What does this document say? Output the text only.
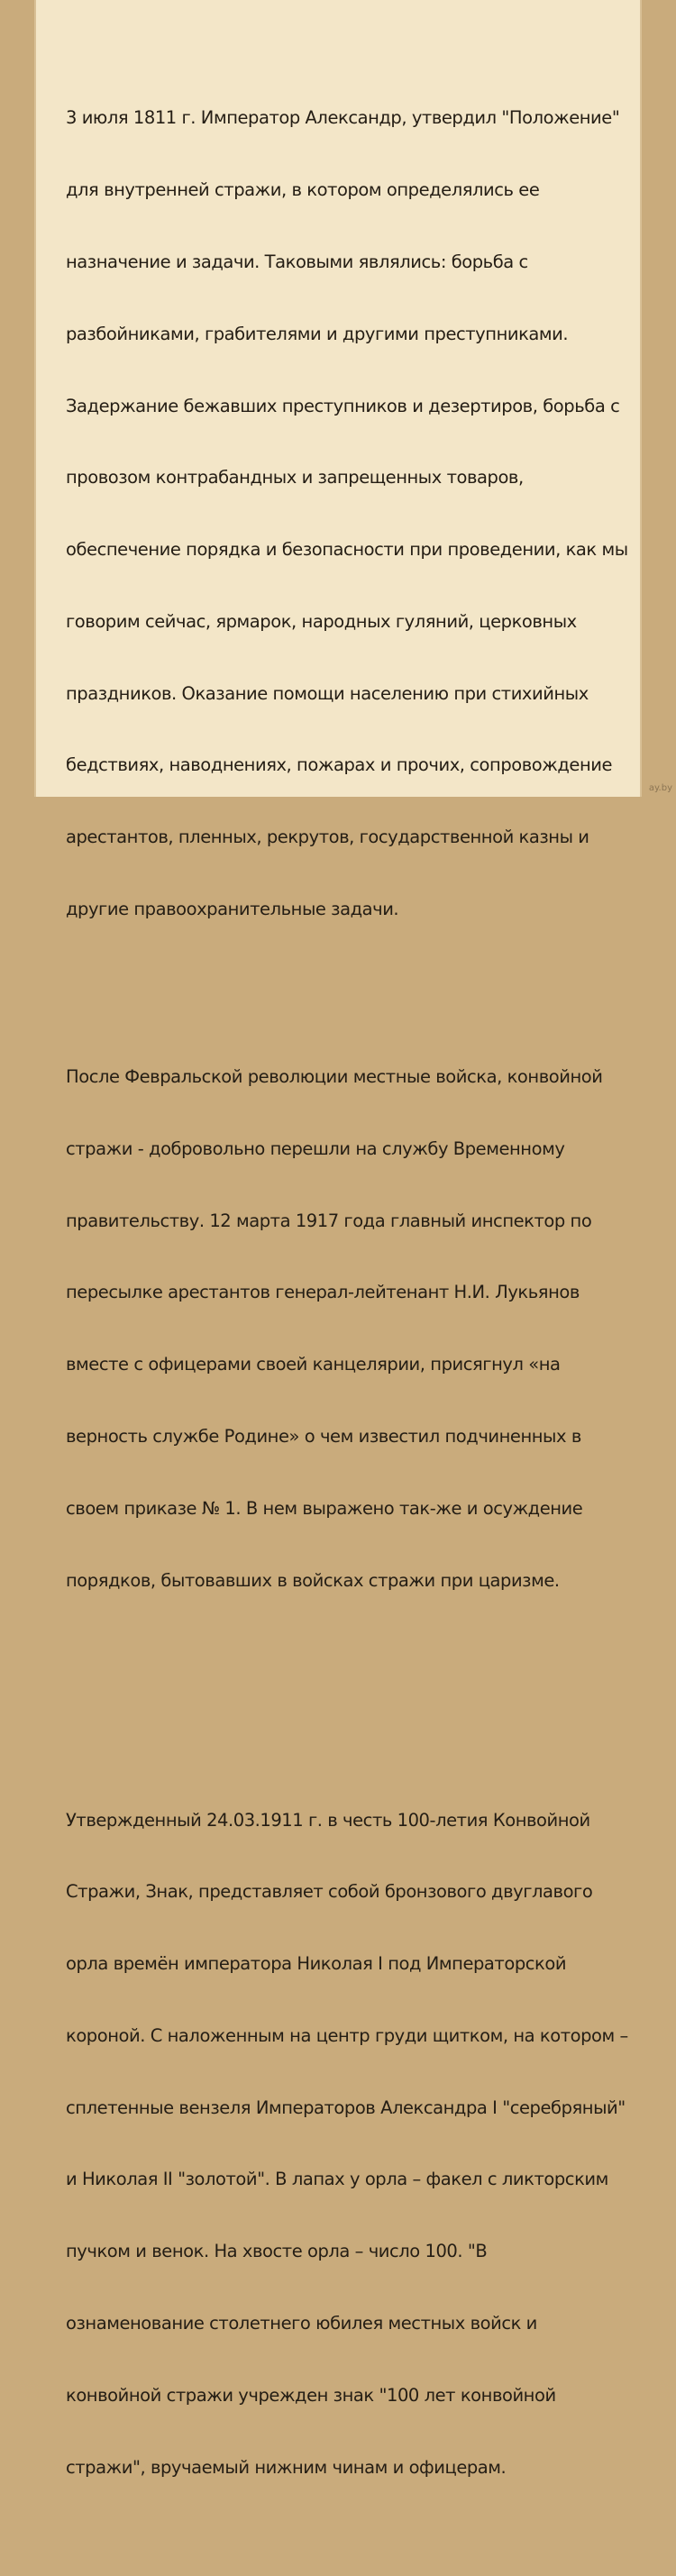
3 июля 1811 г. Император Александр, утвердил "Положение"

для внутренней стражи, в котором определялись ее

назначение и задачи. Таковыми являлись: борьба с

разбойниками, грабителями и другими преступниками.

Задержание бежавших преступников и дезертиров, борьба с

провозом контрабандных и запрещенных товаров,

обеспечение порядка и безопасности при проведении, как мы

говорим сейчас, ярмарок, народных гуляний, церковных

праздников. Оказание помощи населению при стихийных

бедствиях, наводнениях, пожарах и прочих, сопровождение

арестантов, пленных, рекрутов, государственной казны и

другие правоохранительные задачи.

После Февральской революции местные войска, конвойной

стражи - добровольно перешли на службу Временному

правительству. 12 марта 1917 года главный инспектор по

пересылке арестантов генерал-лейтенант Н.И. Лукьянов

вместе с офицерами своей канцелярии, присягнул «на

верность службе Родине» о чем известил подчиненных в

своем приказе № 1. В нем выражено так-же и осуждение

порядков, бытовавших в войсках стражи при царизме.

Утвержденный 24.03.1911 г. в честь 100-летия Конвойной

Стражи, Знак, представляет собой бронзового двуглавого

орла времён императора Николая I под Императорской

короной. С наложенным на центр груди щитком, на котором –

сплетенные вензеля Императоров Александра I "серебряный"

и Николая II "золотой". В лапах у орла – факел с ликторским

пучком и венок. На хвосте орла – число 100. "В

ознаменование столетнего юбилея местных войск и

конвойной стражи учрежден знак "100 лет конвойной

стражи", вручаемый нижним чинам и офицерам.

ay.by
